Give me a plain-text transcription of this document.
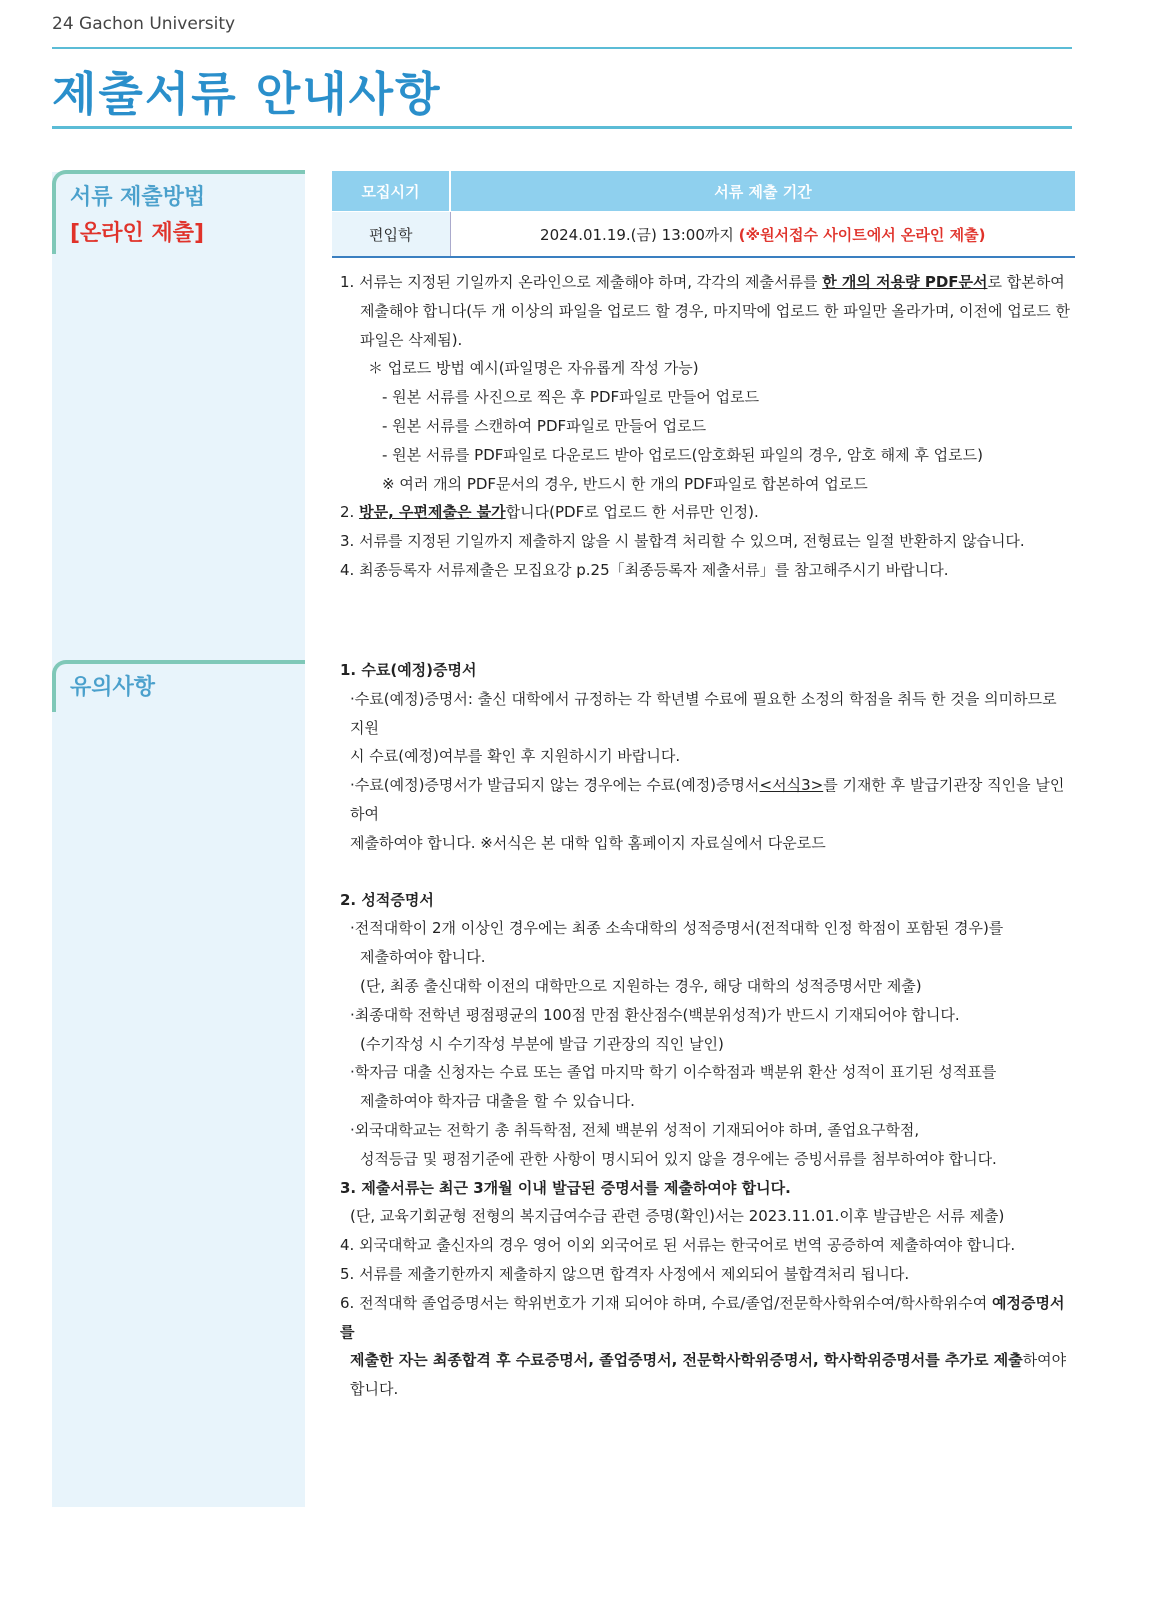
24 Gachon University
제출서류 안내사항
서류 제출방법
[온라인 제출]
유의사항
모집시기	서류 제출 기간
편입학	2024.01.19.(금) 13:00까지 (※원서접수 사이트에서 온라인 제출)

1. 서류는 지정된 기일까지 온라인으로 제출해야 하며, 각각의 제출서류를 한 개의 저용량 PDF문서로 합본하여

제출해야 합니다(두 개 이상의 파일을 업로드 할 경우, 마지막에 업로드 한 파일만 올라가며, 이전에 업로드 한

파일은 삭제됨).

＊ 업로드 방법 예시(파일명은 자유롭게 작성 가능)

- 원본 서류를 사진으로 찍은 후 PDF파일로 만들어 업로드

- 원본 서류를 스캔하여 PDF파일로 만들어 업로드

- 원본 서류를 PDF파일로 다운로드 받아 업로드(암호화된 파일의 경우, 암호 해제 후 업로드)

※ 여러 개의 PDF문서의 경우, 반드시 한 개의 PDF파일로 합본하여 업로드

2. 방문, 우편제출은 불가합니다(PDF로 업로드 한 서류만 인정).

3. 서류를 지정된 기일까지 제출하지 않을 시 불합격 처리할 수 있으며, 전형료는 일절 반환하지 않습니다.

4. 최종등록자 서류제출은 모집요강 p.25「최종등록자 제출서류」를 참고해주시기 바랍니다.

1. 수료(예정)증명서

·수료(예정)증명서: 출신 대학에서 규정하는 각 학년별 수료에 필요한 소정의 학점을 취득 한 것을 의미하므로 지원

시 수료(예정)여부를 확인 후 지원하시기 바랍니다.

·수료(예정)증명서가 발급되지 않는 경우에는 수료(예정)증명서<서식3>를 기재한 후 발급기관장 직인을 날인하여

제출하여야 합니다. ※서식은 본 대학 입학 홈페이지 자료실에서 다운로드

2. 성적증명서

·전적대학이 2개 이상인 경우에는 최종 소속대학의 성적증명서(전적대학 인정 학점이 포함된 경우)를

제출하여야 합니다.

(단, 최종 출신대학 이전의 대학만으로 지원하는 경우, 해당 대학의 성적증명서만 제출)

·최종대학 전학년 평점평균의 100점 만점 환산점수(백분위성적)가 반드시 기재되어야 합니다.

(수기작성 시 수기작성 부분에 발급 기관장의 직인 날인)

·학자금 대출 신청자는 수료 또는 졸업 마지막 학기 이수학점과 백분위 환산 성적이 표기된 성적표를

제출하여야 학자금 대출을 할 수 있습니다.

·외국대학교는 전학기 총 취득학점, 전체 백분위 성적이 기재되어야 하며, 졸업요구학점,

성적등급 및 평점기준에 관한 사항이 명시되어 있지 않을 경우에는 증빙서류를 첨부하여야 합니다.

3. 제출서류는 최근 3개월 이내 발급된 증명서를 제출하여야 합니다.

(단, 교육기회균형 전형의 복지급여수급 관련 증명(확인)서는 2023.11.01.이후 발급받은 서류 제출)

4. 외국대학교 출신자의 경우 영어 이외 외국어로 된 서류는 한국어로 번역 공증하여 제출하여야 합니다.

5. 서류를 제출기한까지 제출하지 않으면 합격자 사정에서 제외되어 불합격처리 됩니다.

6. 전적대학 졸업증명서는 학위번호가 기재 되어야 하며, 수료/졸업/전문학사학위수여/학사학위수여 예정증명서를

제출한 자는 최종합격 후 수료증명서, 졸업증명서, 전문학사학위증명서, 학사학위증명서를 추가로 제출하여야

합니다.
